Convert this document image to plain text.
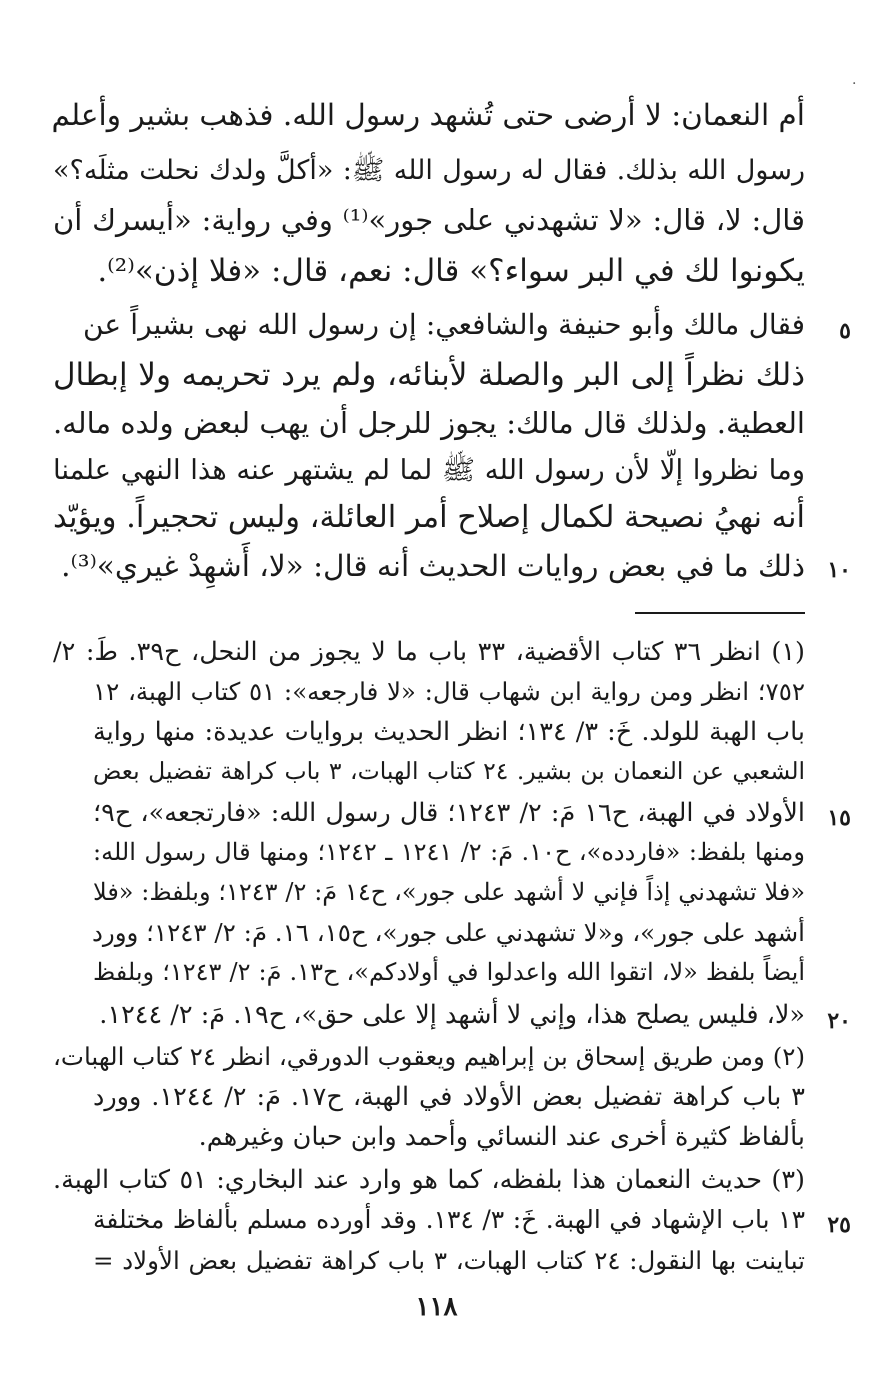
أم النعمان: لا أرضى حتى تُشهد رسول الله. فذهب بشير وأعلم
رسول الله بذلك. فقال له رسول الله ﷺ: «أكلَّ ولدك نحلت مثلَه؟»
قال: لا، قال: «لا تشهدني على جور»⁽¹⁾ وفي رواية: «أيسرك أن
يكونوا لك في البر سواء؟» قال: نعم، قال: «فلا إذن»⁽²⁾.
فقال مالك وأبو حنيفة والشافعي: إن رسول الله نهى بشيراً عن
ذلك نظراً إلى البر والصلة لأبنائه، ولم يرد تحريمه ولا إبطال
العطية. ولذلك قال مالك: يجوز للرجل أن يهب لبعض ولده ماله.
وما نظروا إلّا لأن رسول الله ﷺ لما لم يشتهر عنه هذا النهي علمنا
أنه نهيُ نصيحة لكمال إصلاح أمر العائلة، وليس تحجيراً. ويؤيّد
ذلك ما في بعض روايات الحديث أنه قال: «لا، أَشهِدْ غيري»⁽³⁾.
(١) انظر ٣٦ كتاب الأقضية، ٣٣ باب ما لا يجوز من النحل، ح٣٩. طَ: ٢/
٧٥٢؛ انظر ومن رواية ابن شهاب قال: «لا فارجعه»: ٥١ كتاب الهبة، ١٢
باب الهبة للولد. خَ: ٣/ ١٣٤؛ انظر الحديث بروايات عديدة: منها رواية
الشعبي عن النعمان بن بشير. ٢٤ كتاب الهبات، ٣ باب كراهة تفضيل بعض
الأولاد في الهبة، ح١٦ مَ: ٢/ ١٢٤٣؛ قال رسول الله: «فارتجعه»، ح٩؛
ومنها بلفظ: «فاردده»، ح١٠. مَ: ٢/ ١٢٤١ ـ ١٢٤٢؛ ومنها قال رسول الله:
«فلا تشهدني إذاً فإني لا أشهد على جور»، ح١٤ مَ: ٢/ ١٢٤٣؛ وبلفظ: «فلا
أشهد على جور»، و«لا تشهدني على جور»، ح١٥، ١٦. مَ: ٢/ ١٢٤٣؛ وورد
أيضاً بلفظ «لا، اتقوا الله واعدلوا في أولادكم»، ح١٣. مَ: ٢/ ١٢٤٣؛ وبلفظ
«لا، فليس يصلح هذا، وإني لا أشهد إلا على حق»، ح١٩. مَ: ٢/ ١٢٤٤.
(٢) ومن طريق إسحاق بن إبراهيم ويعقوب الدورقي، انظر ٢٤ كتاب الهبات،
٣ باب كراهة تفضيل بعض الأولاد في الهبة، ح١٧. مَ: ٢/ ١٢٤٤. وورد
بألفاظ كثيرة أخرى عند النسائي وأحمد وابن حبان وغيرهم.
(٣) حديث النعمان هذا بلفظه، كما هو وارد عند البخاري: ٥١ كتاب الهبة.
١٣ باب الإشهاد في الهبة. خَ: ٣/ ١٣٤. وقد أورده مسلم بألفاظ مختلفة
تباينت بها النقول: ٢٤ كتاب الهبات، ٣ باب كراهة تفضيل بعض الأولاد =
٥
١٠
١٥
٢٠
٢٥
·
١١٨
